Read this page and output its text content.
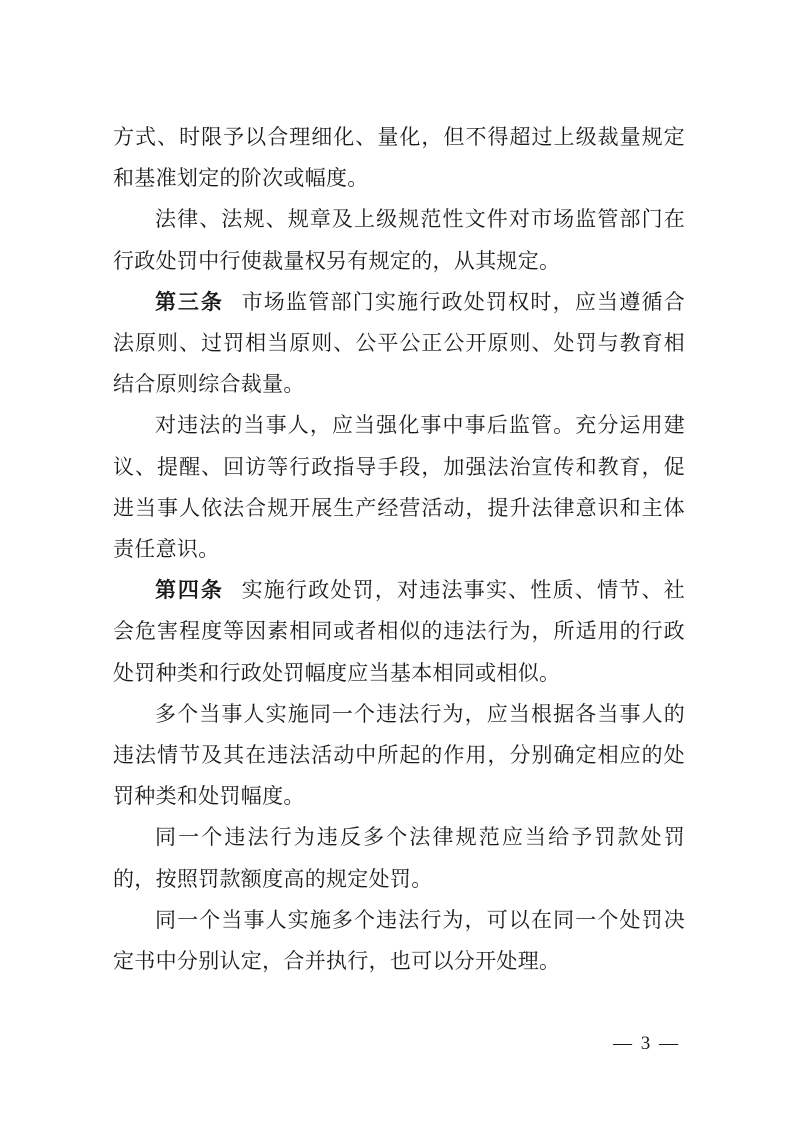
方式、时限予以合理细化、量化，但不得超过上级裁量规定和基准划定的阶次或幅度。

法律、法规、规章及上级规范性文件对市场监管部门在行政处罚中行使裁量权另有规定的，从其规定。

第三条 市场监管部门实施行政处罚权时，应当遵循合法原则、过罚相当原则、公平公正公开原则、处罚与教育相结合原则综合裁量。

对违法的当事人，应当强化事中事后监管。充分运用建议、提醒、回访等行政指导手段，加强法治宣传和教育，促进当事人依法合规开展生产经营活动，提升法律意识和主体责任意识。

第四条 实施行政处罚，对违法事实、性质、情节、社会危害程度等因素相同或者相似的违法行为，所适用的行政处罚种类和行政处罚幅度应当基本相同或相似。

多个当事人实施同一个违法行为，应当根据各当事人的违法情节及其在违法活动中所起的作用，分别确定相应的处罚种类和处罚幅度。

同一个违法行为违反多个法律规范应当给予罚款处罚的，按照罚款额度高的规定处罚。

同一个当事人实施多个违法行为，可以在同一个处罚决定书中分别认定，合并执行，也可以分开处理。

— 3 —
